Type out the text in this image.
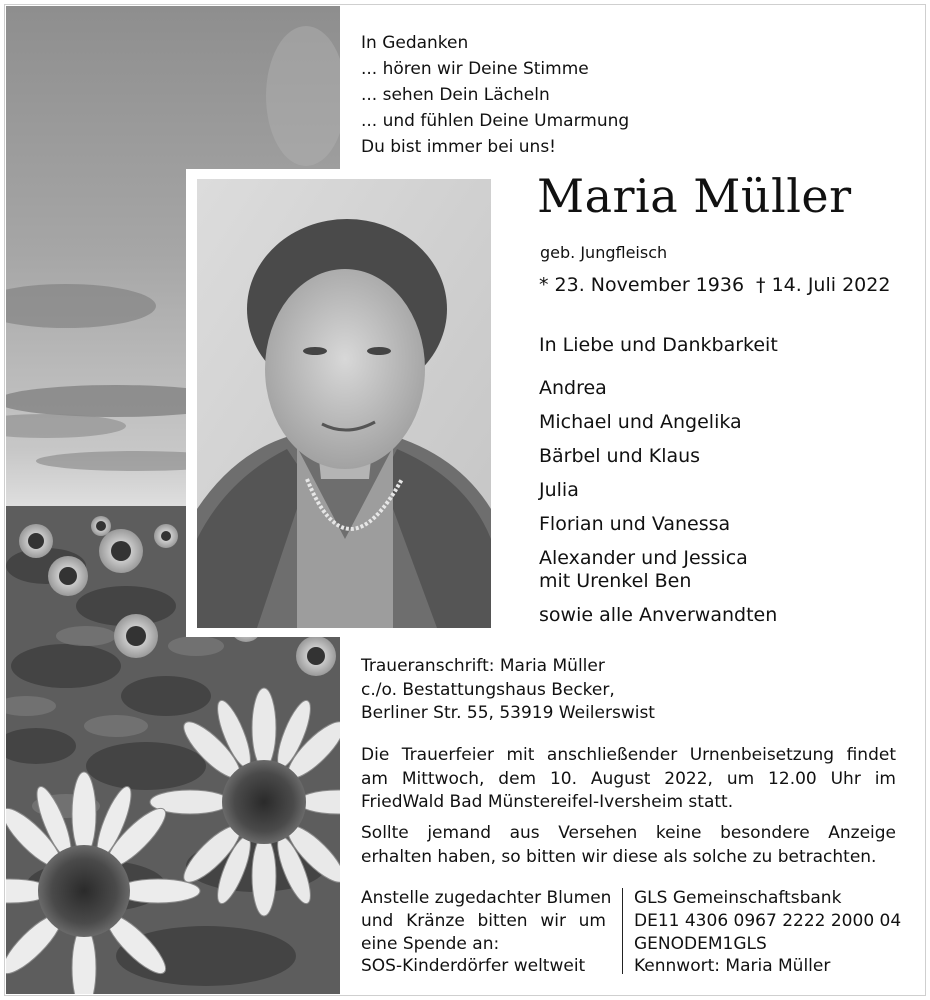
In Gedanken
... hören wir Deine Stimme
... sehen Dein Lächeln
... und fühlen Deine Umarmung
Du bist immer bei uns!
Maria Müller
geb. Jungfleisch
* 23. November 1936 † 14. Juli 2022
In Liebe und Dankbarkeit
Andrea
Michael und Angelika
Bärbel und Klaus
Julia
Florian und Vanessa
Alexander und Jessica
mit Urenkel Ben
sowie alle Anverwandten
Traueranschrift: Maria Müller
c./o. Bestattungshaus Becker,
Berliner Str. 55, 53919 Weilerswist
Die Trauerfeier mit anschließender Urnenbeisetzung findet
am Mittwoch, dem 10. August 2022, um 12.00 Uhr im
FriedWald Bad Münstereifel-Iversheim statt.
Sollte jemand aus Versehen keine besondere Anzeige
erhalten haben, so bitten wir diese als solche zu betrachten.
Anstelle zugedachter Blumen
und Kränze bitten wir um
eine Spende an:
SOS-Kinderdörfer weltweit
GLS Gemeinschaftsbank
DE11 4306 0967 2222 2000 04
GENODEM1GLS
Kennwort: Maria Müller
